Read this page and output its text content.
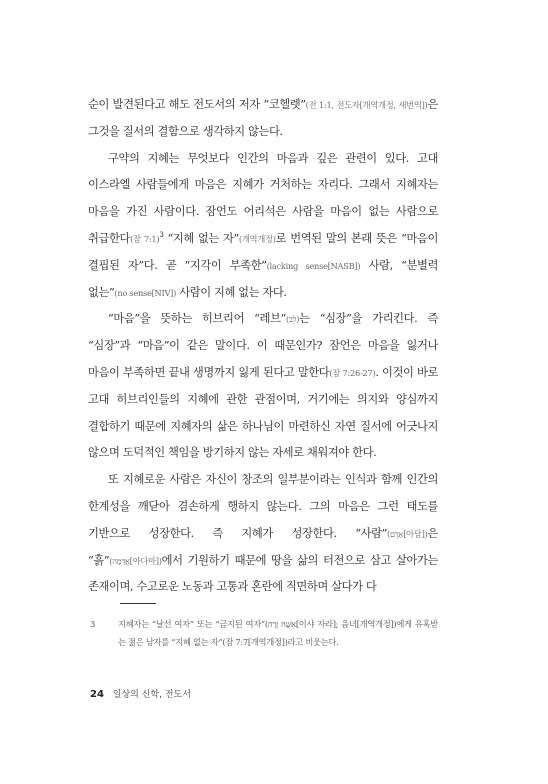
순이 발견된다고 해도 전도서의 저자 “코헬렛”(전 1:1, 전도자[개역개정, 새번역])은 그것을 질서의 결함으로 생각하지 않는다.

구약의 지혜는 무엇보다 인간의 마음과 깊은 관련이 있다. 고대 이스라엘 사람들에게 마음은 지혜가 거처하는 자리다. 그래서 지혜자는 마음을 가진 사람이다. 잠언도 어리석은 사람을 마음이 없는 사람으로 취급한다(잠 7:1)$^3$ “지혜 없는 자”(개역개정)로 번역된 말의 본래 뜻은 “마음이 결핍된 자”다. 곧 “지각이 부족한”(lacking sense[NASB]) 사람, “분별력 없는”(no sense[NIV]) 사람이 지혜 없는 자다.

“마음”을 뜻하는 히브리어 “레브”(לֵב)는 “심장”을 가리킨다. 즉 “심장”과 “마음”이 같은 말이다. 이 때문인가? 잠언은 마음을 잃거나 마음이 부족하면 끝내 생명까지 잃게 된다고 말한다(잠 7:26-27). 이것이 바로 고대 히브리인들의 지혜에 관한 관점이며, 거기에는 의지와 양심까지 결합하기 때문에 지혜자의 삶은 하나님이 마련하신 자연 질서에 어긋나지 않으며 도덕적인 책임을 방기하지 않는 자세로 채워져야 한다.

또 지혜로운 사람은 자신이 창조의 일부분이라는 인식과 함께 인간의 한계성을 깨닫아 겸손하게 행하지 않는다. 그의 마음은 그런 태도를 기반으로 성장한다. 즉 지혜가 성장한다. “사람”(אָדָם[아담])은 “흙”(אֲדָמָה[아다마])에서 기원하기 때문에 땅을 삶의 터전으로 삼고 살아가는 존재이며, 수고로운 노동과 고통과 혼란에 직면하며 살다가 다

3	지혜자는 “날선 여자” 또는 “금지된 여자”(אִשָּׁה זָרָה[이샤 자라]; 음녀[개역개정])에게 유혹받는 젊은 남자를 “지혜 없는 자”(잠 7:7[개역개정])라고 비웃는다.
24 일상의 신학, 전도서
